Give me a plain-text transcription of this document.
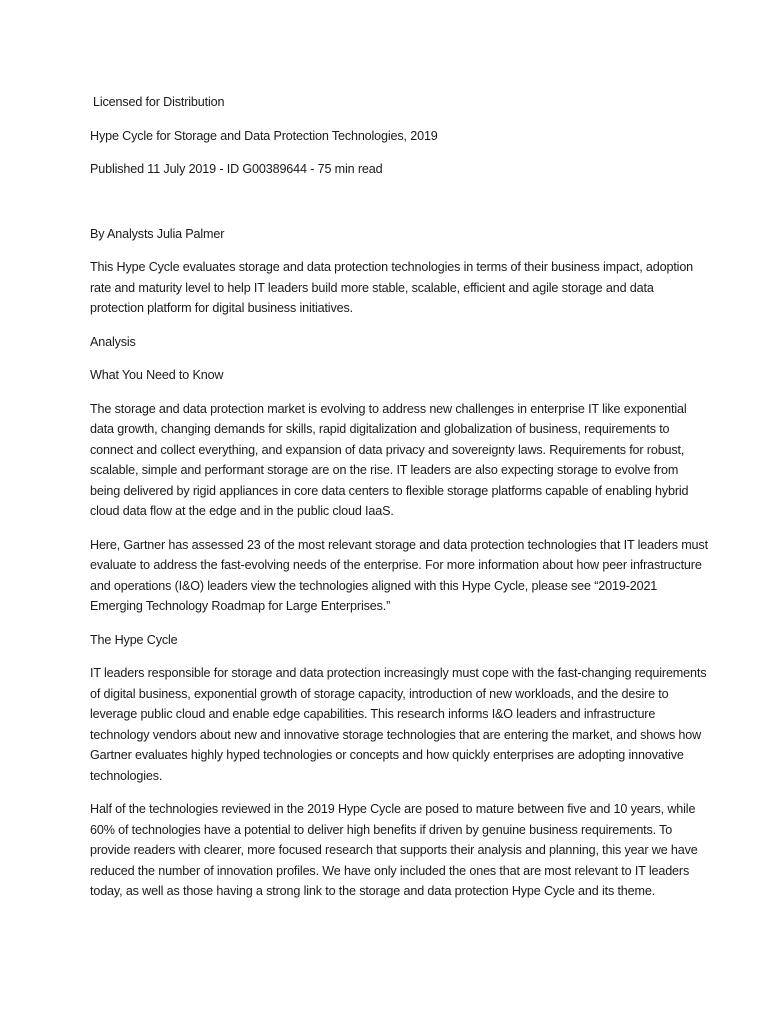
Licensed for Distribution

Hype Cycle for Storage and Data Protection Technologies, 2019

Published 11 July 2019 - ID G00389644 - 75 min read

By Analysts Julia Palmer

This Hype Cycle evaluates storage and data protection technologies in terms of their business impact, adoption rate and maturity level to help IT leaders build more stable, scalable, efficient and agile storage and data protection platform for digital business initiatives.

Analysis

What You Need to Know

The storage and data protection market is evolving to address new challenges in enterprise IT like exponential data growth, changing demands for skills, rapid digitalization and globalization of business, requirements to connect and collect everything, and expansion of data privacy and sovereignty laws. Requirements for robust, scalable, simple and performant storage are on the rise. IT leaders are also expecting storage to evolve from being delivered by rigid appliances in core data centers to flexible storage platforms capable of enabling hybrid cloud data flow at the edge and in the public cloud IaaS.

Here, Gartner has assessed 23 of the most relevant storage and data protection technologies that IT leaders must evaluate to address the fast-evolving needs of the enterprise. For more information about how peer infrastructure and operations (I&O) leaders view the technologies aligned with this Hype Cycle, please see “2019-2021 Emerging Technology Roadmap for Large Enterprises.”

The Hype Cycle

IT leaders responsible for storage and data protection increasingly must cope with the fast-changing requirements of digital business, exponential growth of storage capacity, introduction of new workloads, and the desire to leverage public cloud and enable edge capabilities. This research informs I&O leaders and infrastructure technology vendors about new and innovative storage technologies that are entering the market, and shows how Gartner evaluates highly hyped technologies or concepts and how quickly enterprises are adopting innovative technologies.

Half of the technologies reviewed in the 2019 Hype Cycle are posed to mature between five and 10 years, while 60% of technologies have a potential to deliver high benefits if driven by genuine business requirements. To provide readers with clearer, more focused research that supports their analysis and planning, this year we have reduced the number of innovation profiles. We have only included the ones that are most relevant to IT leaders today, as well as those having a strong link to the storage and data protection Hype Cycle and its theme.
